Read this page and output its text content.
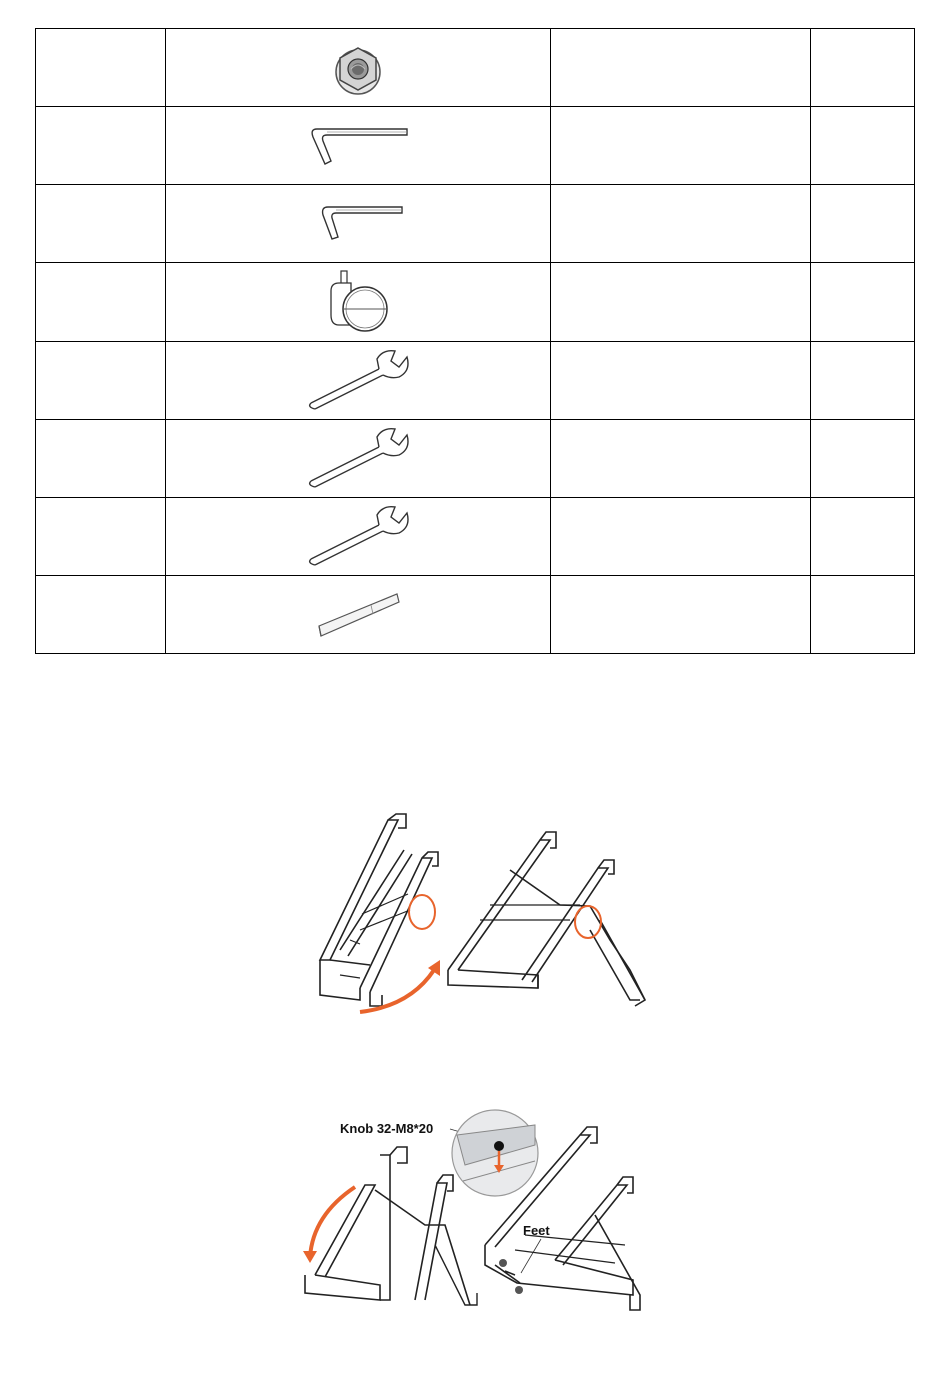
Knob 32-M8*20
Feet
